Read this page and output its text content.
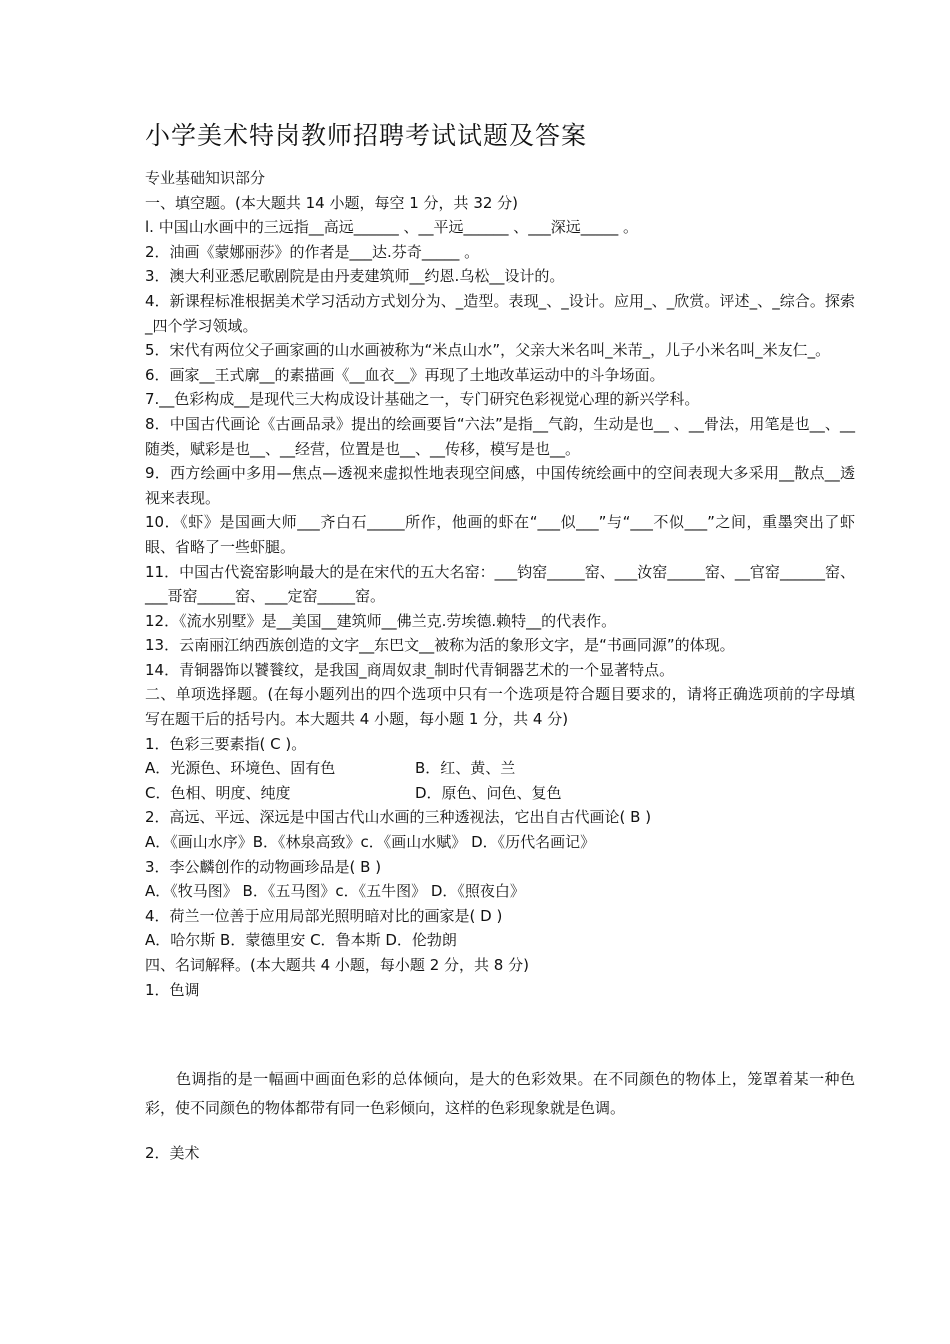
小学美术特岗教师招聘考试试题及答案

专业基础知识部分

一、填空题。(本大题共 14 小题，每空 1 分，共 32 分)

l. 中国山水画中的三远指__高远______ 、__平远______ 、___深远_____ 。

2．油画《蒙娜丽莎》的作者是___达.芬奇_____ 。

3．澳大利亚悉尼歌剧院是由丹麦建筑师__约恩.乌松__设计的。

4．新课程标准根据美术学习活动方式划分为、_造型。表现_、_设计。应用_、_欣赏。评述_、_综合。探索_四个学习领域。

5．宋代有两位父子画家画的山水画被称为“米点山水”，父亲大米名叫_米芾_，儿子小米名叫_米友仁_。

6．画家__王式廓__的素描画《__血衣__》再现了土地改革运动中的斗争场面。

7.__色彩构成__是现代三大构成设计基础之一，专门研究色彩视觉心理的新兴学科。

8．中国古代画论《古画品录》提出的绘画要旨“六法”是指__气韵，生动是也__ 、__骨法，用笔是也__、__随类，赋彩是也__、__经营，位置是也__、__传移，模写是也__。

9．西方绘画中多用—焦点—透视来虚拟性地表现空间感，中国传统绘画中的空间表现大多采用__散点__透视来表现。

10．《虾》是国画大师___齐白石_____所作，他画的虾在“___似___”与“___不似___”之间，重墨突出了虾眼、省略了一些虾腿。

11．中国古代瓷窑影响最大的是在宋代的五大名窑：___钧窑_____窑、___汝窑_____窑、__官窑______窑、___哥窑_____窑、___定窑_____窑。

12．《流水别墅》是__美国__建筑师__佛兰克.劳埃德.赖特__的代表作。

13．云南丽江纳西族创造的文字__东巴文__被称为活的象形文字，是“书画同源”的体现。

14．青铜器饰以饕餮纹，是我国_商周奴隶_制时代青铜器艺术的一个显著特点。

二、单项选择题。(在每小题列出的四个选项中只有一个选项是符合题目要求的，请将正确选项前的字母填写在题干后的括号内。本大题共 4 小题，每小题 1 分，共 4 分)

1．色彩三要素指( C )。

A．光源色、环境色、固有色	B．红、黄、兰

C．色相、明度、纯度	D．原色、问色、复色

2．高远、平远、深远是中国古代山水画的三种透视法，它出自古代画论( B )

A．《画山水序》B．《林泉高致》c．《画山水赋》 D．《历代名画记》

3．李公麟创作的动物画珍品是( B )

A．《牧马图》 B．《五马图》c．《五牛图》 D．《照夜白》

4．荷兰一位善于应用局部光照明暗对比的画家是( D )

A．哈尔斯 B．蒙德里安 C．鲁本斯 D．伦勃朗

四、名词解释。(本大题共 4 小题，每小题 2 分，共 8 分)

1．色调

色调指的是一幅画中画面色彩的总体倾向，是大的色彩效果。在不同颜色的物体上，笼罩着某一种色彩，使不同颜色的物体都带有同一色彩倾向，这样的色彩现象就是色调。
2．美术
